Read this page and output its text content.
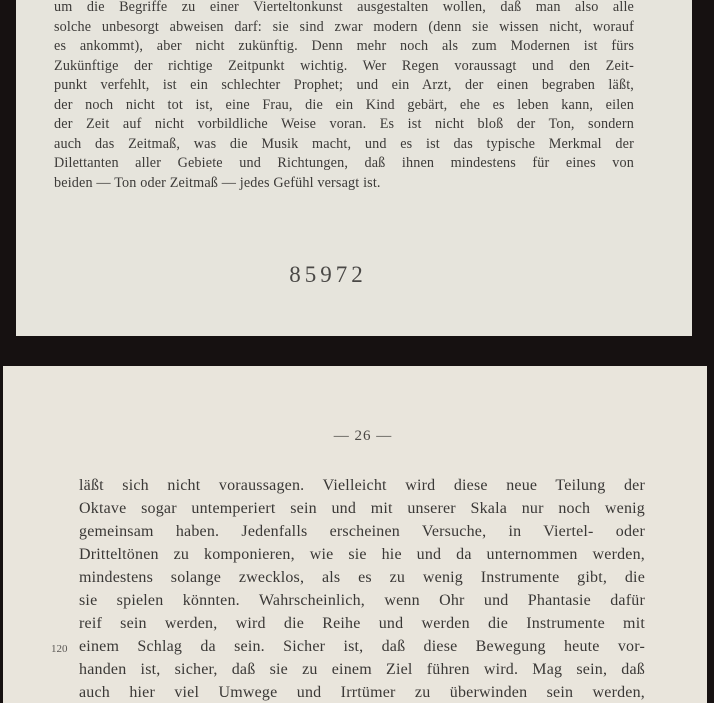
um die Begriffe zu einer Vierteltonkunst ausgestalten wollen, daß man also alle
solche unbesorgt abweisen darf: sie sind zwar modern (denn sie wissen nicht, worauf
es ankommt), aber nicht zukünftig. Denn mehr noch als zum Modernen ist fürs
Zukünftige der richtige Zeitpunkt wichtig. Wer Regen voraussagt und den Zeit-
punkt verfehlt, ist ein schlechter Prophet; und ein Arzt, der einen begraben läßt,
der noch nicht tot ist, eine Frau, die ein Kind gebärt, ehe es leben kann, eilen
der Zeit auf nicht vorbildliche Weise voran. Es ist nicht bloß der Ton, sondern
auch das Zeitmaß, was die Musik macht, und es ist das typische Merkmal der
Dilettanten aller Gebiete und Richtungen, daß ihnen mindestens für eines von
beiden — Ton oder Zeitmaß — jedes Gefühl versagt ist.
85972
— 26 —
120
läßt sich nicht voraussagen. Vielleicht wird diese neue Teilung der
Oktave sogar untemperiert sein und mit unserer Skala nur noch wenig
gemeinsam haben. Jedenfalls erscheinen Versuche, in Viertel- oder
Dritteltönen zu komponieren, wie sie hie und da unternommen werden,
mindestens solange zwecklos, als es zu wenig Instrumente gibt, die
sie spielen könnten. Wahrscheinlich, wenn Ohr und Phantasie dafür
reif sein werden, wird die Reihe und werden die Instrumente mit
einem Schlag da sein. Sicher ist, daß diese Bewegung heute vor-
handen ist, sicher, daß sie zu einem Ziel führen wird. Mag sein, daß
auch hier viel Umwege und Irrtümer zu überwinden sein werden,
